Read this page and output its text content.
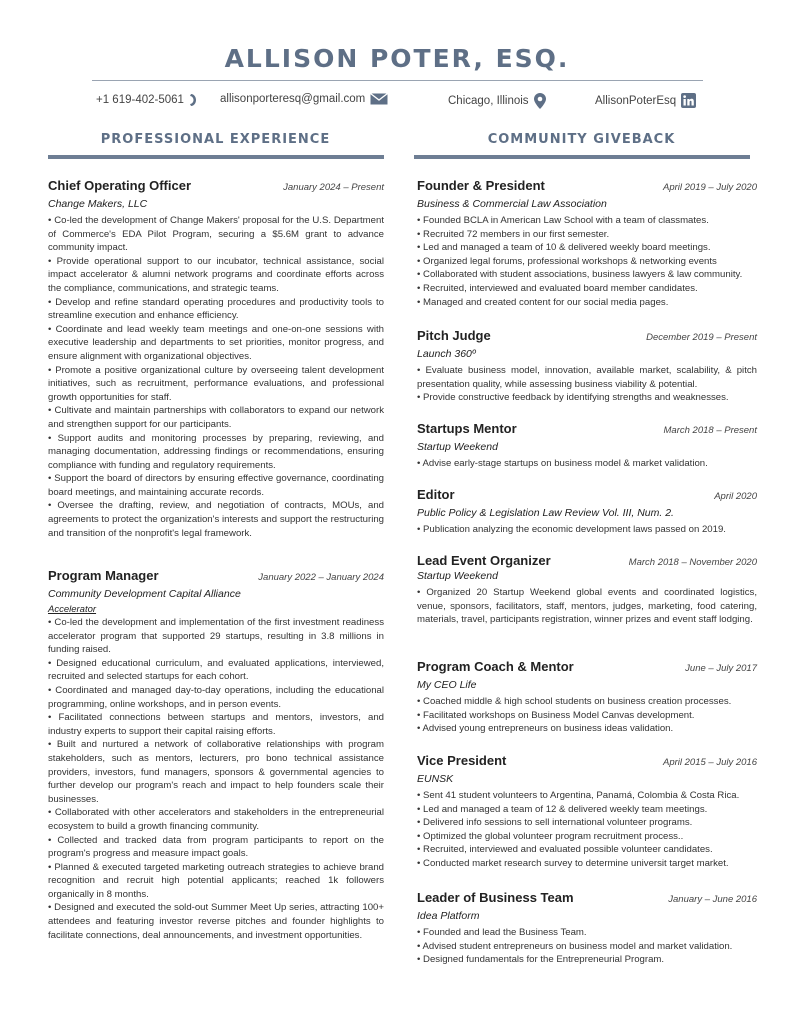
ALLISON POTER, ESQ.
+1 619-402-5061	allisonporteresq@gmail.com	Chicago, Illinois	AllisonPoterEsq
PROFESSIONAL EXPERIENCE	COMMUNITY GIVEBACK
Chief Operating Officer	January 2024 – Present
Change Makers, LLC
• Co-led the development of Change Makers' proposal for the U.S. Department of Commerce's EDA Pilot Program, securing a $5.6M grant to advance community impact.
• Provide operational support to our incubator, technical assistance, social impact accelerator & alumni network programs and coordinate efforts across the compliance, communications, and strategic teams.
• Develop and refine standard operating procedures and productivity tools to streamline execution and enhance efficiency.
• Coordinate and lead weekly team meetings and one-on-one sessions with executive leadership and departments to set priorities, monitor progress, and ensure alignment with organizational objectives.
• Promote a positive organizational culture by overseeing talent development initiatives, such as recruitment, performance evaluations, and professional growth opportunities for staff.
• Cultivate and maintain partnerships with collaborators to expand our network and strengthen support for our participants.
• Support audits and monitoring processes by preparing, reviewing, and managing documentation, addressing findings or recommendations, ensuring compliance with funding and regulatory requirements.
• Support the board of directors by ensuring effective governance, coordinating board meetings, and maintaining accurate records.
• Oversee the drafting, review, and negotiation of contracts, MOUs, and agreements to protect the organization's interests and support the restructuring and transition of the nonprofit's legal framework.
Program Manager	January 2022 – January 2024
Community Development Capital Alliance
Accelerator
• Co-led the development and implementation of the first investment readiness accelerator program that supported 29 startups, resulting in 3.8 millions in funding raised.
• Designed educational curriculum, and evaluated applications, interviewed, recruited and selected startups for each cohort.
• Coordinated and managed day-to-day operations, including the educational programming, online workshops, and in person events.
• Facilitated connections between startups and mentors, investors, and industry experts to support their capital raising efforts.
• Built and nurtured a network of collaborative relationships with program stakeholders, such as mentors, lecturers, pro bono technical assistance providers, investors, fund managers, sponsors & governmental agencies to further develop our program's reach and impact to help founders scale their businesses.
• Collaborated with other accelerators and stakeholders in the entrepreneurial ecosystem to build a growth financing community.
• Collected and tracked data from program participants to report on the program's progress and measure impact goals.
• Planned & executed targeted marketing outreach strategies to achieve brand recognition and recruit high potential applicants; reached 1k followers organically in 8 months.
• Designed and executed the sold-out Summer Meet Up series, attracting 100+ attendees and featuring investor reverse pitches and founder highlights to facilitate connections, deal announcements, and investment opportunities.
Founder & President	April 2019 – July 2020
Business & Commercial Law Association
• Founded BCLA in American Law School with a team of classmates.
• Recruited 72 members in our first semester.
• Led and managed a team of 10 & delivered weekly board meetings.
• Organized legal forums, professional workshops & networking events
• Collaborated with student associations, business lawyers & law community.
• Recruited, interviewed and evaluated board member candidates.
• Managed and created content for our social media pages.
Pitch Judge	December 2019 – Present
Launch 360º
• Evaluate business model, innovation, available market, scalability, & pitch presentation quality, while assessing business viability & potential.
• Provide constructive feedback by identifying strengths and weaknesses.
Startups Mentor	March 2018 – Present
Startup Weekend
• Advise early-stage startups on business model & market validation.
Editor	April 2020
Public Policy & Legislation Law Review Vol. III, Num. 2.
• Publication analyzing the economic development laws passed on 2019.
Lead Event Organizer	March 2018 – November 2020
Startup Weekend
• Organized 20 Startup Weekend global events and coordinated logistics, venue, sponsors, facilitators, staff, mentors, judges, marketing, food catering, materials, travel, participants registration, winner prizes and event staff lodging.
Program Coach & Mentor	June – July 2017
My CEO Life
• Coached middle & high school students on business creation processes.
• Facilitated workshops on Business Model Canvas development.
• Advised young entrepreneurs on business ideas validation.
Vice President	April 2015 – July 2016
EUNSK
• Sent 41 student volunteers to Argentina, Panamá, Colombia & Costa Rica.
• Led and managed a team of 12 & delivered weekly team meetings.
• Delivered info sessions to sell international volunteer programs.
• Optimized the global volunteer program recruitment process..
• Recruited, interviewed and evaluated possible volunteer candidates.
• Conducted market research survey to determine universit target market.
Leader of Business Team	January – June 2016
Idea Platform
• Founded and lead the Business Team.
• Advised student entrepreneurs on business model and market validation.
• Designed fundamentals for the Entrepreneurial Program.
